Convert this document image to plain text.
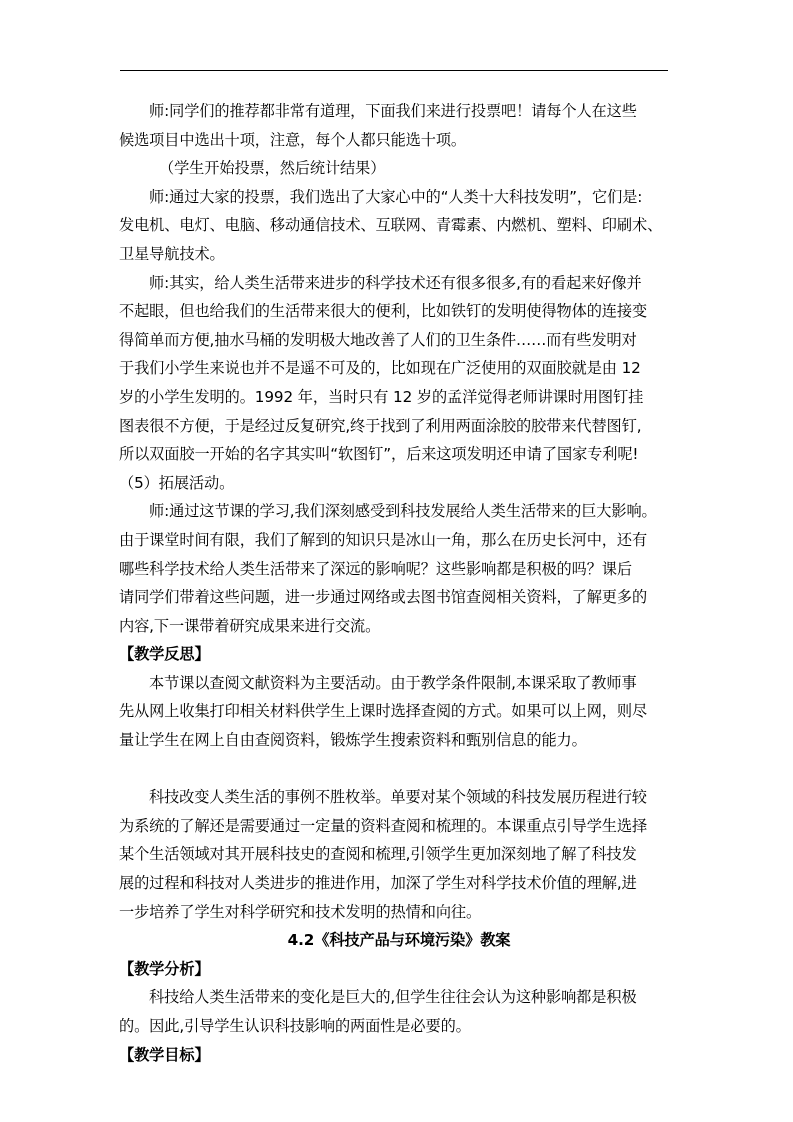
师:同学们的推荐都非常有道理，下面我们来进行投票吧！请每个人在这些
候选项目中选出十项，注意，每个人都只能选十项。
（学生开始投票，然后统计结果）
师:通过大家的投票，我们选出了大家心中的“人类十大科技发明”，它们是:
发电机、电灯、电脑、移动通信技术、互联网、青霉素、内燃机、塑料、印刷术、
卫星导航技术。
师:其实，给人类生活带来进步的科学技术还有很多很多,有的看起来好像并
不起眼，但也给我们的生活带来很大的便利，比如铁钉的发明使得物体的连接变
得简单而方便,抽水马桶的发明极大地改善了人们的卫生条件……而有些发明对
于我们小学生来说也并不是遥不可及的，比如现在广泛使用的双面胶就是由 12
岁的小学生发明的。1992 年，当时只有 12 岁的孟洋觉得老师讲课时用图钉挂
图表很不方便，于是经过反复研究,终于找到了利用两面涂胶的胶带来代替图钉,
所以双面胶一开始的名字其实叫“软图钉”，后来这项发明还申请了国家专利呢!
（5）拓展活动。
师:通过这节课的学习,我们深刻感受到科技发展给人类生活带来的巨大影响。
由于课堂时间有限，我们了解到的知识只是冰山一角，那么在历史长河中，还有
哪些科学技术给人类生活带来了深远的影响呢？这些影响都是积极的吗？课后
请同学们带着这些问题，进一步通过网络或去图书馆查阅相关资料，了解更多的
内容,下一课带着研究成果来进行交流。
【教学反思】
本节课以查阅文献资料为主要活动。由于教学条件限制,本课采取了教师事
先从网上收集打印相关材料供学生上课时选择查阅的方式。如果可以上网，则尽
量让学生在网上自由查阅资料，锻炼学生搜索资料和甄别信息的能力。
科技改变人类生活的事例不胜枚举。单要对某个领域的科技发展历程进行较
为系统的了解还是需要通过一定量的资料查阅和梳理的。本课重点引导学生选择
某个生活领域对其开展科技史的查阅和梳理,引领学生更加深刻地了解了科技发
展的过程和科技对人类进步的推进作用，加深了学生对科学技术价值的理解,进
一步培养了学生对科学研究和技术发明的热情和向往。
4.2《科技产品与环境污染》教案
【教学分析】
科技给人类生活带来的变化是巨大的,但学生往往会认为这种影响都是积极
的。因此,引导学生认识科技影响的两面性是必要的。
【教学目标】
